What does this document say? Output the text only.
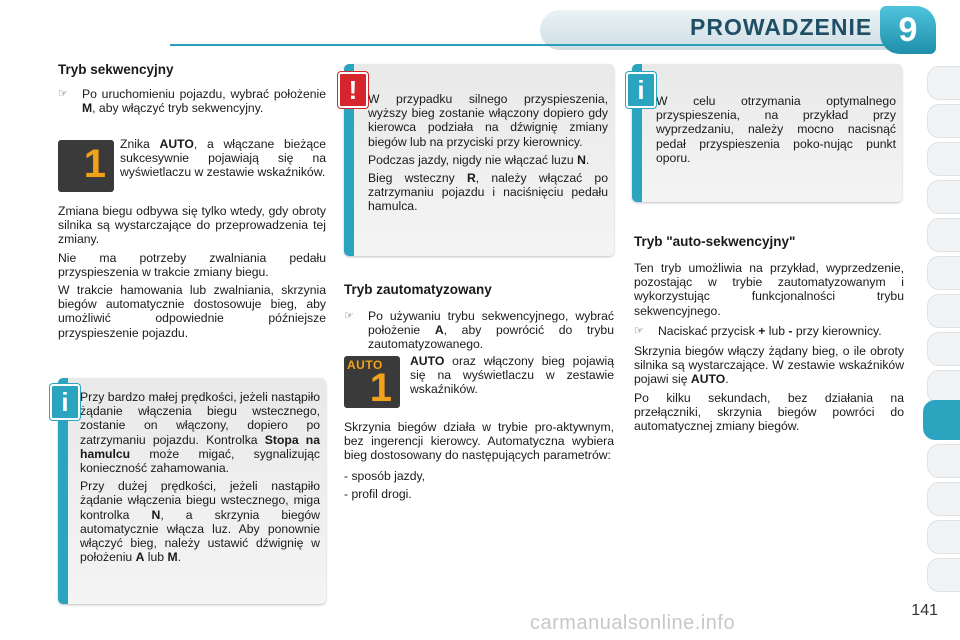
PROWADZENIE 9
Tryb sekwencyjny
☞	Po uruchomieniu pojazdu, wybrać położenie M, aby włączyć tryb sekwencyjny.
1 Znika AUTO, a włączane bieżące sukcesywnie pojawiają się na wyświetlaczu w zestawie wskaźników.

Zmiana biegu odbywa się tylko wtedy, gdy obroty silnika są wystarczające do przeprowadzenia tej zmiany.

Nie ma potrzeby zwalniania pedału przyspieszenia w trakcie zmiany biegu.

W trakcie hamowania lub zwalniania, skrzynia biegów automatycznie dostosowuje bieg, aby umożliwić odpowiednie późniejsze przyspieszenie pojazdu.

Przy bardzo małej prędkości, jeżeli nastąpiło żądanie włączenia biegu wstecznego, zostanie on włączony, dopiero po zatrzymaniu pojazdu. Kontrolka Stopa na hamulcu może migać, sygnalizując konieczność zahamowania.

Przy dużej prędkości, jeżeli nastąpiło żądanie włączenia biegu wstecznego, miga kontrolka N, a skrzynia biegów automatycznie włącza luz. Aby ponownie włączyć bieg, należy ustawić dźwignię w położeniu A lub M.

i

W przypadku silnego przyspieszenia, wyższy bieg zostanie włączony dopiero gdy kierowca podziała na dźwignię zmiany biegów lub na przyciski przy kierownicy.

Podczas jazdy, nigdy nie włączać luzu N.

Bieg wsteczny R, należy włączać po zatrzymaniu pojazdu i naciśnięciu pedału hamulca.

!
Tryb zautomatyzowany
☞	Po używaniu trybu sekwencyjnego, wybrać położenie A, aby powrócić do trybu zautomatyzowanego.
AUTO
1
AUTO oraz włączony bieg pojawią się na wyświetlaczu w zestawie wskaźników.

Skrzynia biegów działa w trybie pro-aktywnym, bez ingerencji kierowcy. Automatyczna wybiera bieg dostosowany do następujących parametrów:

- sposób jazdy,

- profil drogi.

W celu otrzymania optymalnego przyspieszenia, na przykład przy wyprzedzaniu, należy mocno nacisnąć pedał przyspieszenia poko-nując punkt oporu.

i
Tryb "auto-sekwencyjny"

Ten tryb umożliwia na przykład, wyprzedzenie, pozostając w trybie zautomatyzowanym i wykorzystując funkcjonalności trybu sekwencyjnego.

☞	Naciskać przycisk + lub - przy kierownicy.

Skrzynia biegów włączy żądany bieg, o ile obroty silnika są wystarczające. W zestawie wskaźników pojawi się AUTO.

Po kilku sekundach, bez działania na przełączniki, skrzynia biegów powróci do automatycznej zmiany biegów.

141
carmanualsonline.info
